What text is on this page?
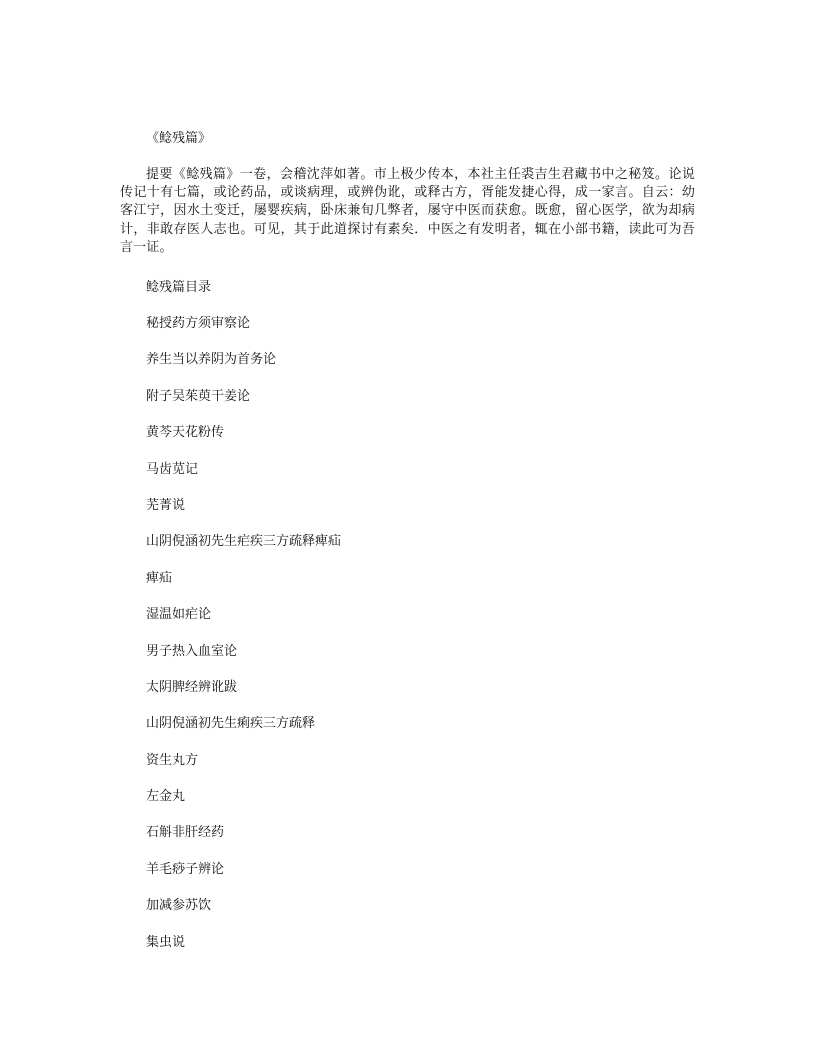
《鲶残篇》

提要《鲶残篇》一卷，会稽沈萍如著。市上极少传本，本社主任裘吉生君藏书中之秘笈。论说传记十有七篇，或论药品，或谈病理，或辨伪讹，或释古方，胥能发捷心得，成一家言。自云：幼客江宁，因水土变迁，屡婴疾病，卧床兼旬几弊者，屡守中医而获愈。既愈，留心医学，欲为却病计，非敢存医人志也。可见，其于此道探讨有素矣．中医之有发明者，辄在小部书籍，读此可为吾言一证。

鲶残篇目录
秘授药方须审察论
养生当以养阴为首务论
附子吴茱萸干姜论
黄芩天花粉传
马齿苋记
芜菁说
山阴倪涵初先生疟疾三方疏释痺疝
痺疝
湿温如疟论
男子热入血室论
太阴脾经辨讹跋
山阴倪涵初先生痢疾三方疏释
资生丸方
左金丸
石斛非肝经药
羊毛痧子辨论
加减参苏饮
集虫说
